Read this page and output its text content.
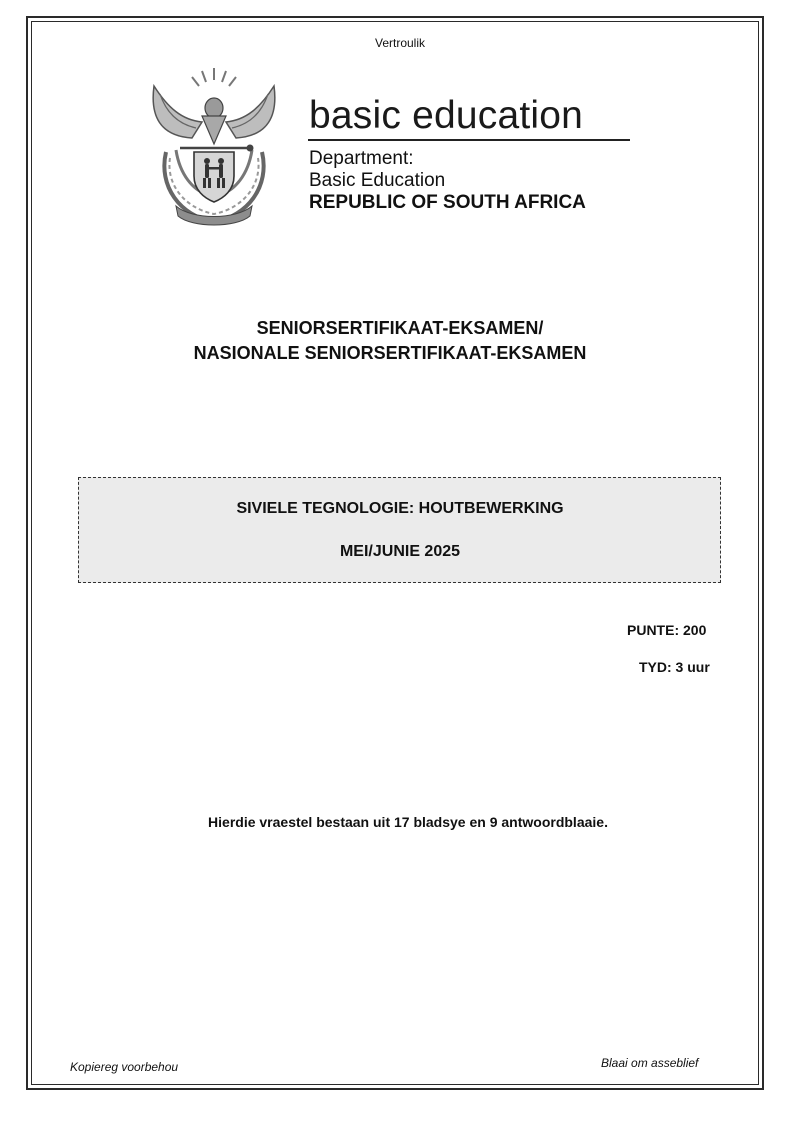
Vertroulik
basic education
Department:
Basic Education
REPUBLIC OF SOUTH AFRICA
SENIORSERTIFIKAAT-EKSAMEN/
NASIONALE SENIORSERTIFIKAAT-EKSAMEN
SIVIELE TEGNOLOGIE: HOUTBEWERKING
MEI/JUNIE 2025
PUNTE: 200
TYD: 3 uur
Hierdie vraestel bestaan uit 17 bladsye en 9 antwoordblaaie.
Kopiereg voorbehou	Blaai om asseblief
